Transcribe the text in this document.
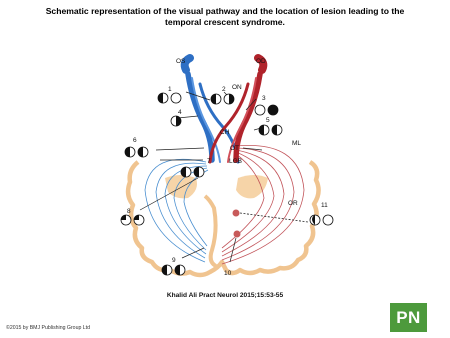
Schematic representation of the visual pathway and the location of lesion leading to the
temporal crescent syndrome.
OS	OD
ON
CH
OT
LGB
ML
OR
1	2
3
4
5
6
7
8
9
10
11
Khalid Ali Pract Neurol 2015;15:53-55
©2015 by BMJ Publishing Group Ltd
PN
